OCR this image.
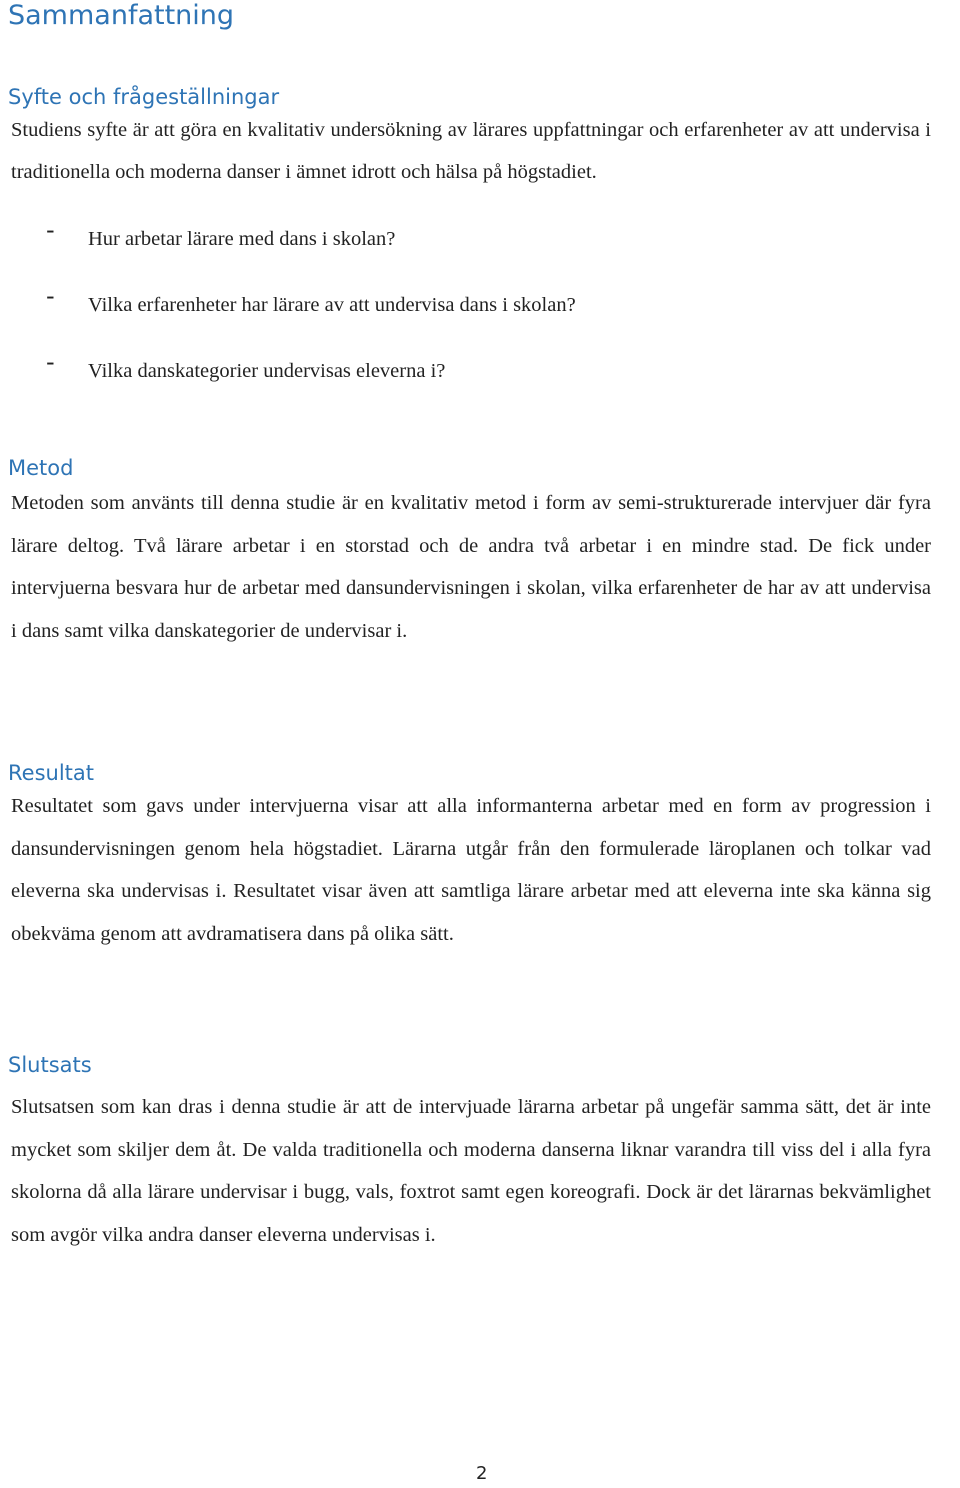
Sammanfattning
Syfte och frågeställningar

Studiens syfte är att göra en kvalitativ undersökning av lärares uppfattningar och erfarenheter av att undervisa i traditionella och moderna danser i ämnet idrott och hälsa på högstadiet.

- Hur arbetar lärare med dans i skolan?
- Vilka erfarenheter har lärare av att undervisa dans i skolan?
- Vilka danskategorier undervisas eleverna i?
Metod

Metoden som använts till denna studie är en kvalitativ metod i form av semi-strukturerade intervjuer där fyra lärare deltog. Två lärare arbetar i en storstad och de andra två arbetar i en mindre stad. De fick under intervjuerna besvara hur de arbetar med dansundervisningen i skolan, vilka erfarenheter de har av att undervisa i dans samt vilka danskategorier de undervisar i.

Resultat

Resultatet som gavs under intervjuerna visar att alla informanterna arbetar med en form av progression i dansundervisningen genom hela högstadiet. Lärarna utgår från den formulerade läroplanen och tolkar vad eleverna ska undervisas i. Resultatet visar även att samtliga lärare arbetar med att eleverna inte ska känna sig obekväma genom att avdramatisera dans på olika sätt.

Slutsats

Slutsatsen som kan dras i denna studie är att de intervjuade lärarna arbetar på ungefär samma sätt, det är inte mycket som skiljer dem åt. De valda traditionella och moderna danserna liknar varandra till viss del i alla fyra skolorna då alla lärare undervisar i bugg, vals, foxtrot samt egen koreografi. Dock är det lärarnas bekvämlighet som avgör vilka andra danser eleverna undervisas i.

2
